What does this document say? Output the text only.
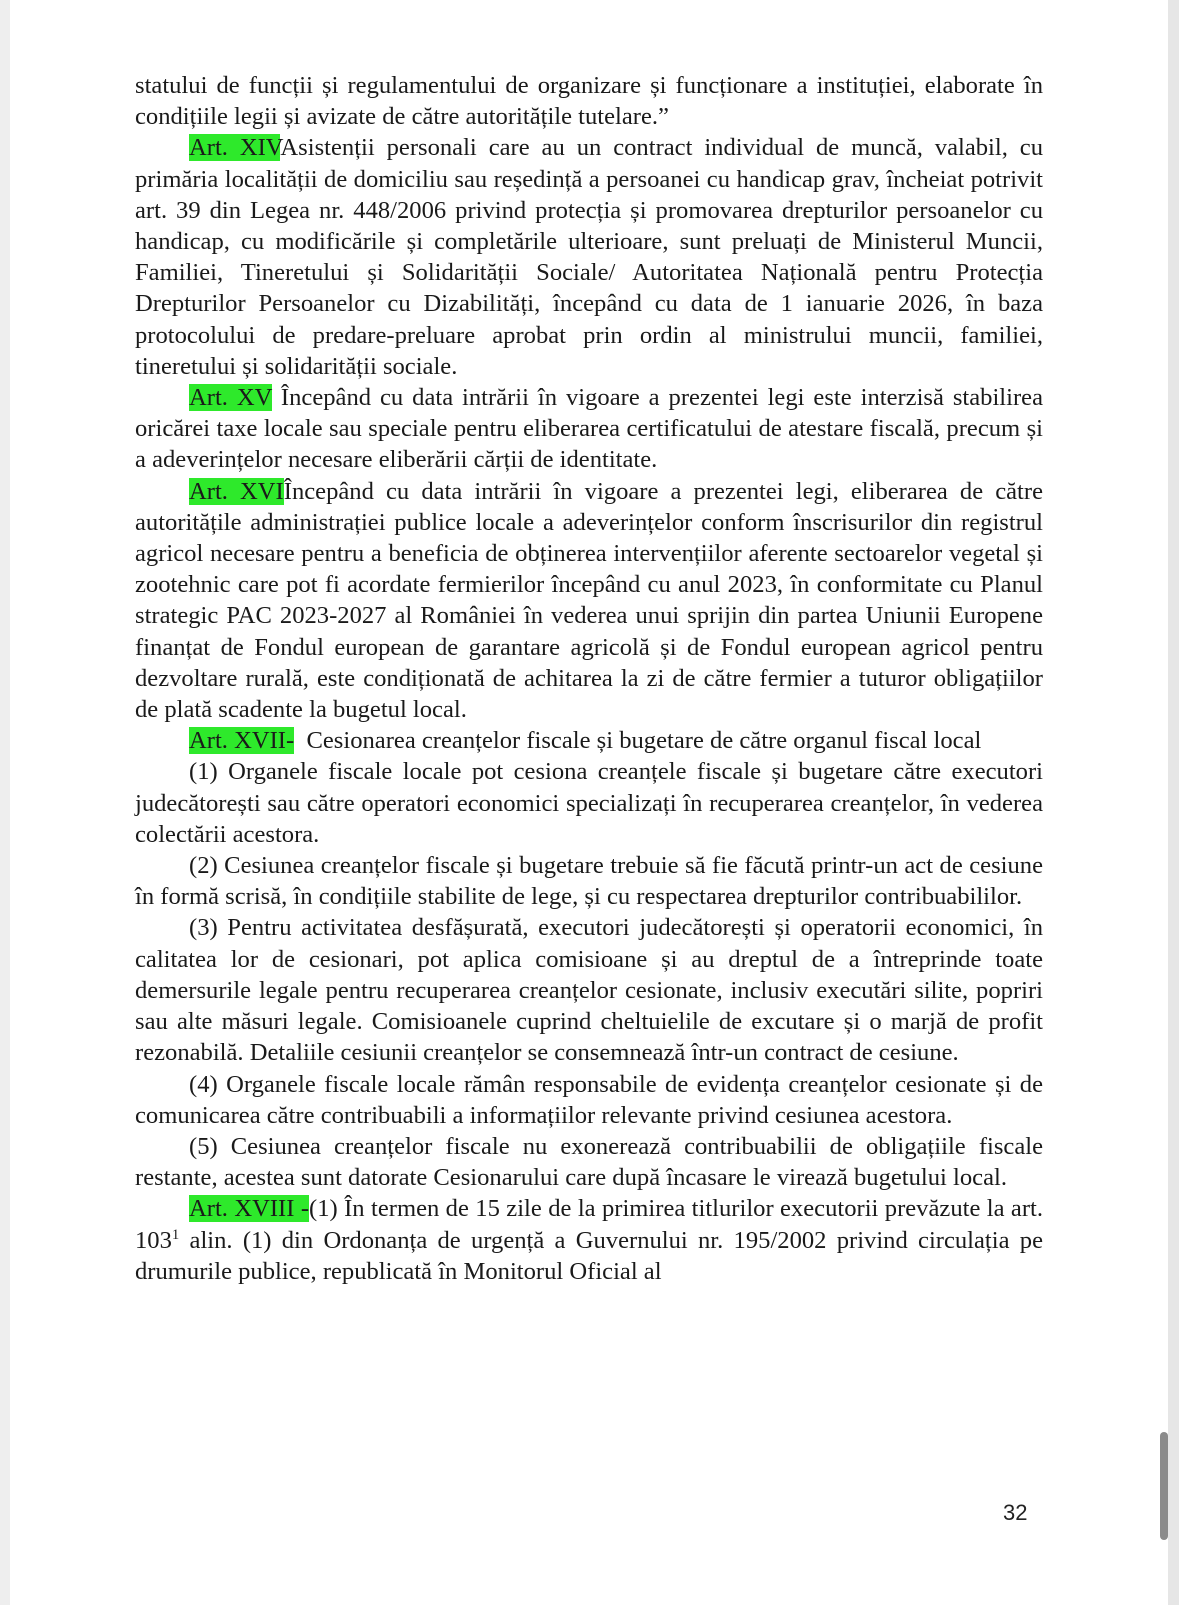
statului de funcții și regulamentului de organizare și funcționare a instituției, elaborate în condițiile legii și avizate de către autoritățile tutelare.”

Art. XIVAsistenții personali care au un contract individual de muncă, valabil, cu primăria localității de domiciliu sau reședință a persoanei cu handicap grav, încheiat potrivit art. 39 din Legea nr. 448/2006 privind protecția și promovarea drepturilor persoanelor cu handicap, cu modificările și completările ulterioare, sunt preluați de Ministerul Muncii, Familiei, Tineretului și Solidarității Sociale/ Autoritatea Națională pentru Protecția Drepturilor Persoanelor cu Dizabilități, începând cu data de 1 ianuarie 2026, în baza protocolului de predare-preluare aprobat prin ordin al ministrului muncii, familiei, tineretului și solidarității sociale.

Art. XV Începând cu data intrării în vigoare a prezentei legi este interzisă stabilirea oricărei taxe locale sau speciale pentru eliberarea certificatului de atestare fiscală, precum și a adeverințelor necesare eliberării cărții de identitate.

Art. XVIÎncepând cu data intrării în vigoare a prezentei legi, eliberarea de către autoritățile administrației publice locale a adeverințelor conform înscrisurilor din registrul agricol necesare pentru a beneficia de obținerea intervențiilor aferente sectoarelor vegetal și zootehnic care pot fi acordate fermierilor începând cu anul 2023, în conformitate cu Planul strategic PAC 2023-2027 al României în vederea unui sprijin din partea Uniunii Europene finanțat de Fondul european de garantare agricolă și de Fondul european agricol pentru dezvoltare rurală, este condiționată de achitarea la zi de către fermier a tuturor obligațiilor de plată scadente la bugetul local.

Art. XVII- Cesionarea creanțelor fiscale și bugetare de către organul fiscal local

(1) Organele fiscale locale pot cesiona creanțele fiscale și bugetare către executori judecătorești sau către operatori economici specializați în recuperarea creanțelor, în vederea colectării acestora.

(2) Cesiunea creanțelor fiscale și bugetare trebuie să fie făcută printr-un act de cesiune în formă scrisă, în condițiile stabilite de lege, și cu respectarea drepturilor contribuabililor.

(3) Pentru activitatea desfășurată, executori judecătorești și operatorii economici, în calitatea lor de cesionari, pot aplica comisioane și au dreptul de a întreprinde toate demersurile legale pentru recuperarea creanțelor cesionate, inclusiv executări silite, popriri sau alte măsuri legale. Comisioanele cuprind cheltuielile de excutare și o marjă de profit rezonabilă. Detaliile cesiunii creanțelor se consemnează într-un contract de cesiune.

(4) Organele fiscale locale rămân responsabile de evidența creanțelor cesionate și de comunicarea către contribuabili a informațiilor relevante privind cesiunea acestora.

(5) Cesiunea creanțelor fiscale nu exonerează contribuabilii de obligațiile fiscale restante, acestea sunt datorate Cesionarului care după încasare le virează bugetului local.

Art. XVIII -(1) În termen de 15 zile de la primirea titlurilor executorii prevăzute la art. $103^1$ alin. (1) din Ordonanța de urgență a Guvernului nr. 195/2002 privind circulația pe drumurile publice, republicată în Monitorul Oficial al

32
